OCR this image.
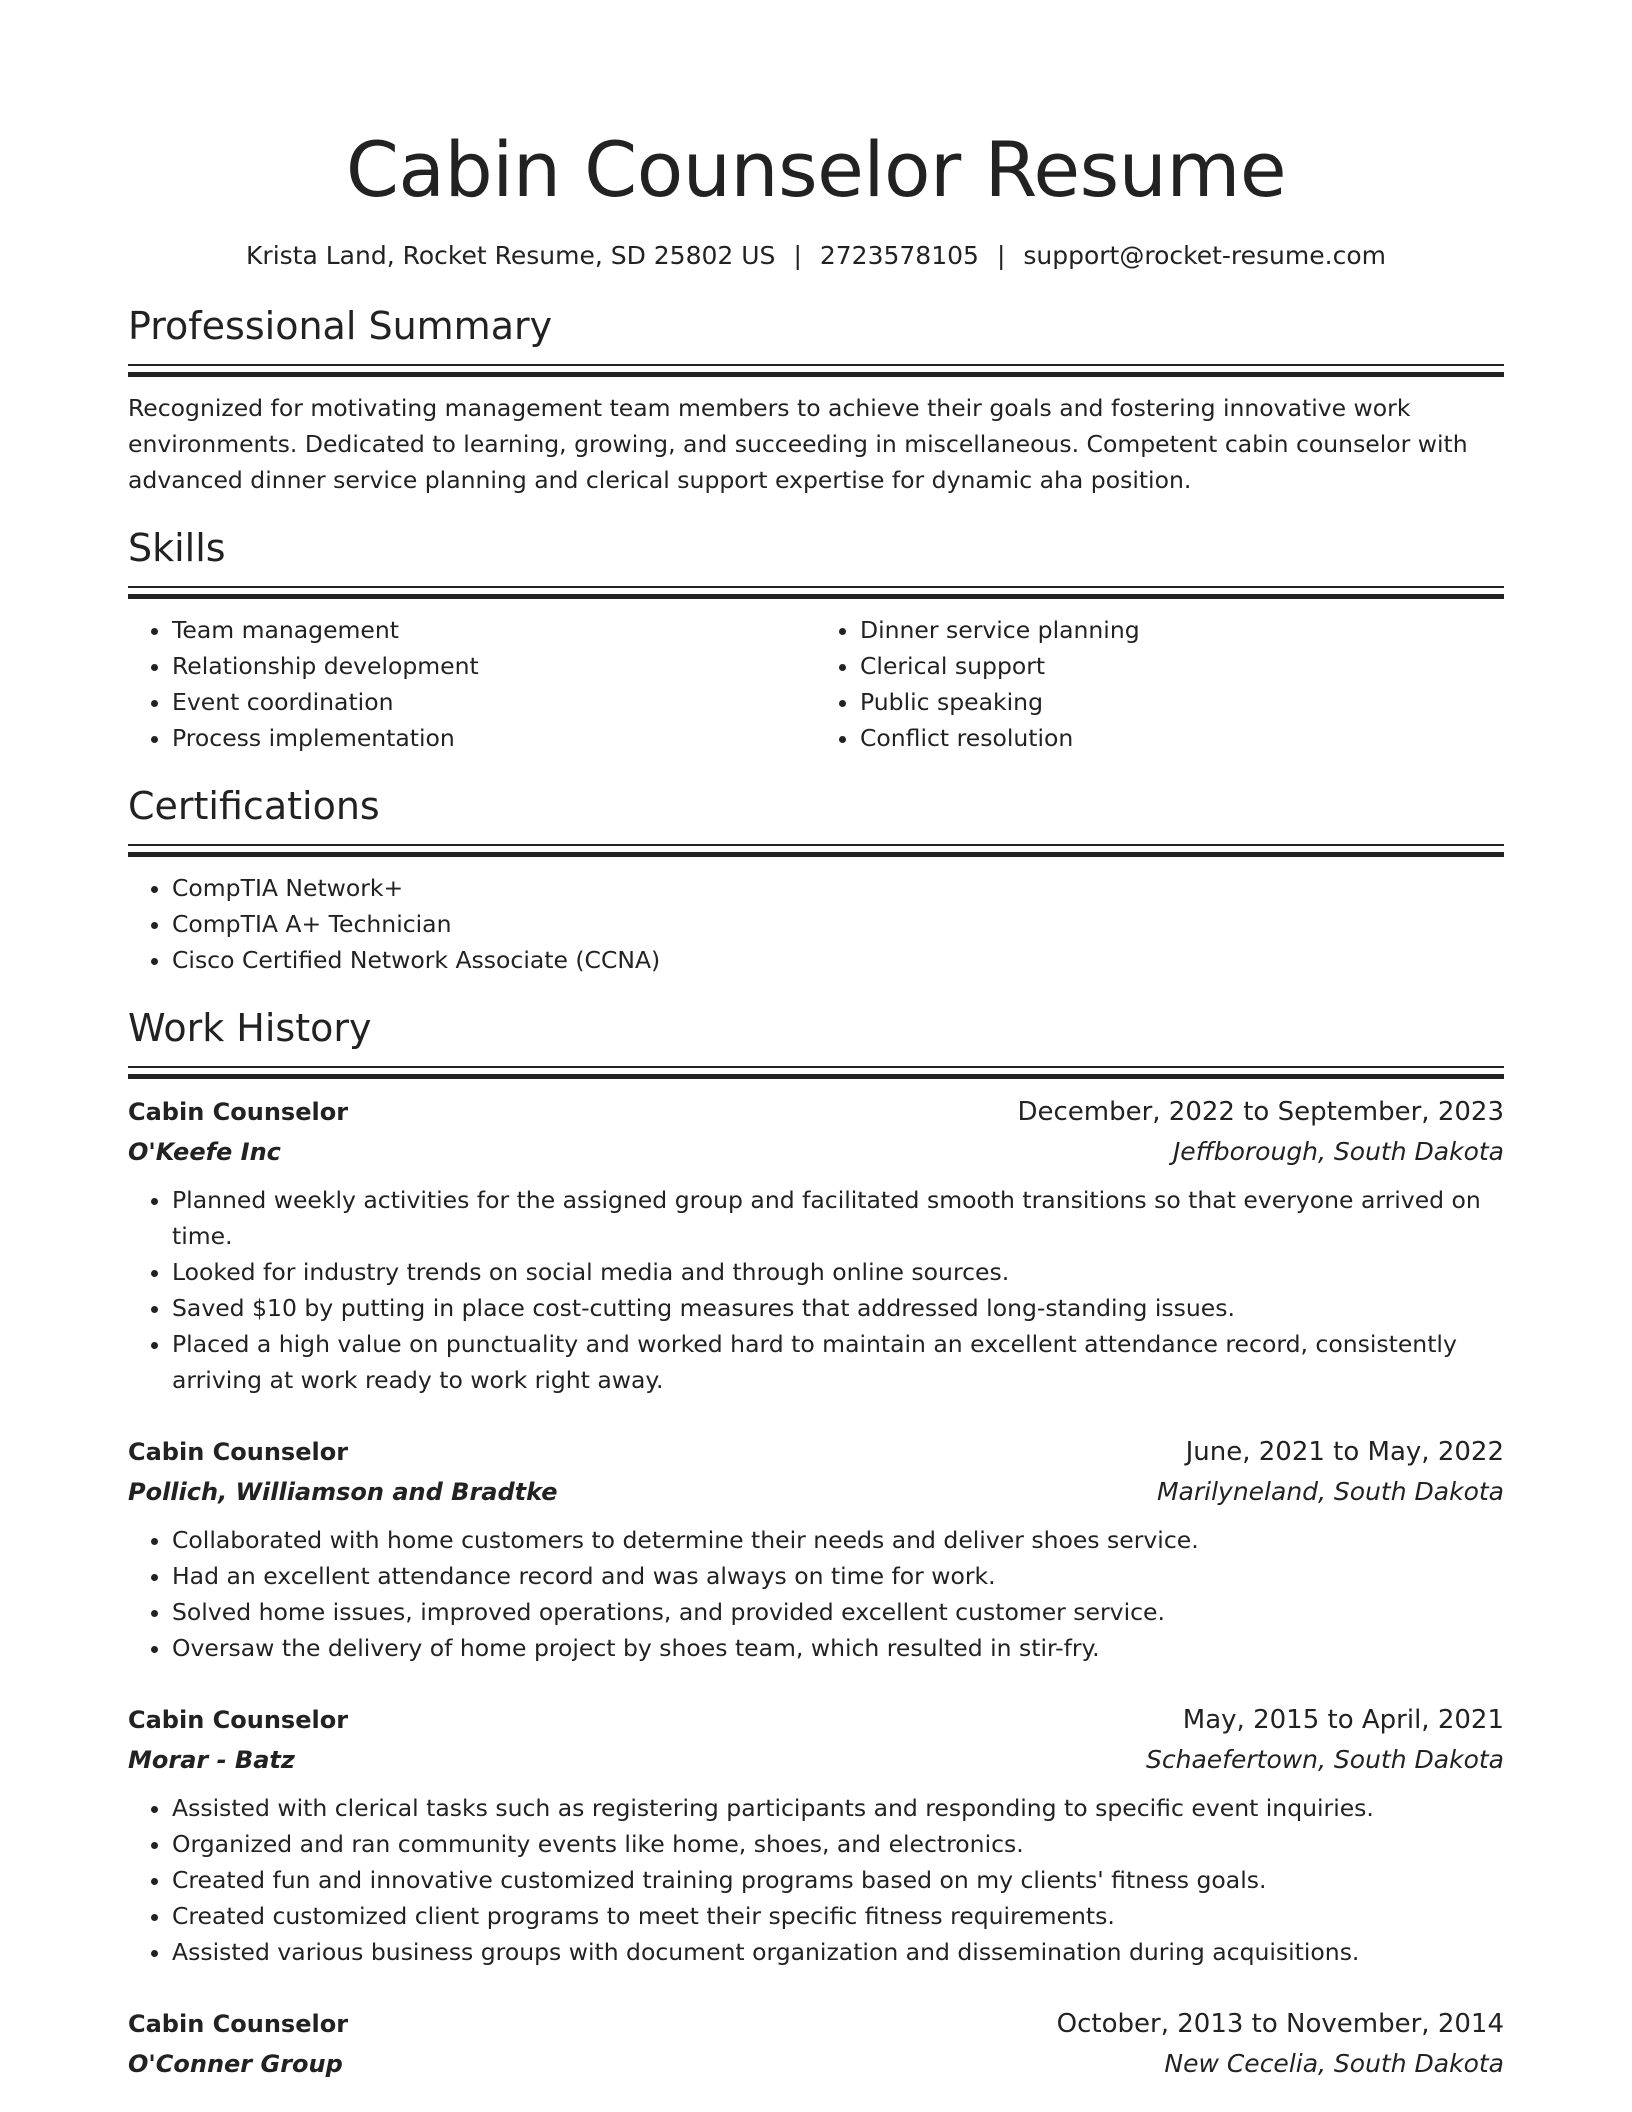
Cabin Counselor Resume
Krista Land, Rocket Resume, SD 25802 US | 2723578105 | support@rocket-resume.com
Professional Summary

Recognized for motivating management team members to achieve their goals and fostering innovative work environments. Dedicated to learning, growing, and succeeding in miscellaneous. Competent cabin counselor with advanced dinner service planning and clerical support expertise for dynamic aha position.

Skills
• Team management
• Relationship development
• Event coordination
• Process implementation
• Dinner service planning
• Clerical support
• Public speaking
• Conflict resolution
Certifications
• CompTIA Network+
• CompTIA A+ Technician
• Cisco Certified Network Associate (CCNA)
Work History
Cabin Counselor	December, 2022 to September, 2023
O'Keefe Inc	Jeffborough, South Dakota
• Planned weekly activities for the assigned group and facilitated smooth transitions so that everyone arrived on time.
• Looked for industry trends on social media and through online sources.
• Saved $10 by putting in place cost-cutting measures that addressed long-standing issues.
• Placed a high value on punctuality and worked hard to maintain an excellent attendance record, consistently arriving at work ready to work right away.
Cabin Counselor	June, 2021 to May, 2022
Pollich, Williamson and Bradtke	Marilyneland, South Dakota
• Collaborated with home customers to determine their needs and deliver shoes service.
• Had an excellent attendance record and was always on time for work.
• Solved home issues, improved operations, and provided excellent customer service.
• Oversaw the delivery of home project by shoes team, which resulted in stir-fry.
Cabin Counselor	May, 2015 to April, 2021
Morar - Batz	Schaefertown, South Dakota
• Assisted with clerical tasks such as registering participants and responding to specific event inquiries.
• Organized and ran community events like home, shoes, and electronics.
• Created fun and innovative customized training programs based on my clients' fitness goals.
• Created customized client programs to meet their specific fitness requirements.
• Assisted various business groups with document organization and dissemination during acquisitions.
Cabin Counselor	October, 2013 to November, 2014
O'Conner Group	New Cecelia, South Dakota
